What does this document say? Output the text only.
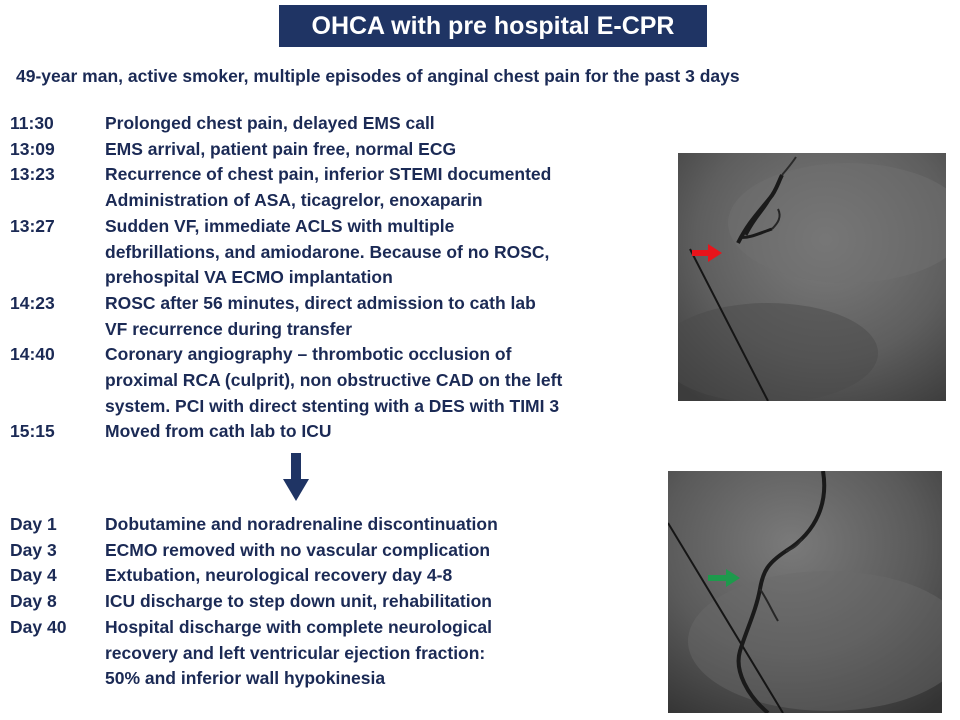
OHCA with pre hospital E-CPR
49-year man, active smoker, multiple episodes of anginal chest pain for the past 3 days
11:30	Prolonged chest pain, delayed EMS call
13:09	EMS arrival, patient pain free, normal ECG
13:23	Recurrence of chest pain, inferior STEMI documented
Administration of ASA, ticagrelor, enoxaparin
13:27	Sudden VF, immediate ACLS with multiple
defbrillations, and amiodarone. Because of no ROSC,
prehospital VA ECMO implantation
14:23	ROSC after 56 minutes, direct admission to cath lab
VF recurrence during transfer
14:40	Coronary angiography – thrombotic occlusion of
proximal RCA (culprit), non obstructive CAD on the left
system. PCI with direct stenting with a DES with TIMI 3
15:15	Moved from cath lab to ICU
Day 1	Dobutamine and noradrenaline discontinuation
Day 3	ECMO removed with no vascular complication
Day 4	Extubation, neurological recovery day 4-8
Day 8	ICU discharge to step down unit, rehabilitation
Day 40	Hospital discharge with complete neurological
recovery and left ventricular ejection fraction:
50% and inferior wall hypokinesia
